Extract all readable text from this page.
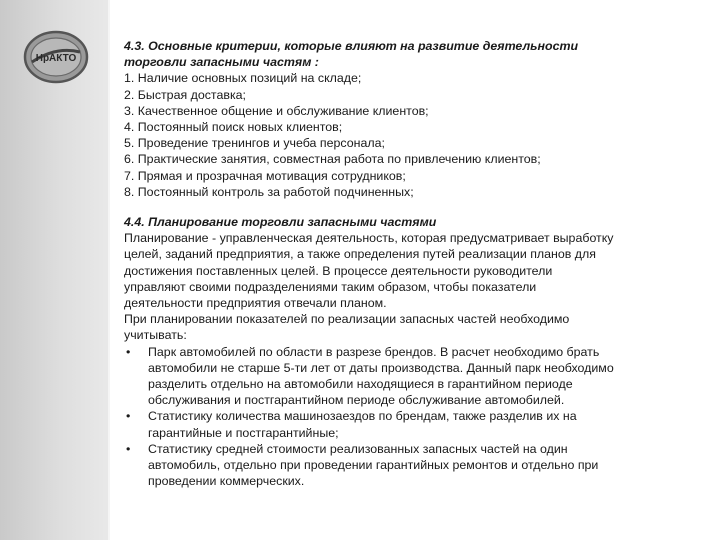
НрАКТО

4.3. Основные критерии, которые влияют на развитие деятельности

торговли запасными частям :

1. Наличие основных позиций на складе;

2. Быстрая доставка;

3. Качественное общение и обслуживание клиентов;

4. Постоянный поиск новых клиентов;

5. Проведение тренингов и учеба персонала;

6. Практические занятия, совместная работа по привлечению клиентов;

7. Прямая и прозрачная мотивация сотрудников;

8. Постоянный контроль за работой подчиненных;

4.4. Планирование торговли запасными частями

Планирование - управленческая деятельность, которая предусматривает выработку

целей, заданий предприятия, а также определения путей реализации планов для

достижения поставленных целей. В процессе деятельности руководители

управляют своими подразделениями таким образом, чтобы показатели

деятельности предприятия отвечали планом.

При планировании показателей по реализации запасных частей необходимо

учитывать:

•	Парк автомобилей по области в разрезе брендов. В расчет необходимо брать

автомобили не старше 5-ти лет от даты производства. Данный парк необходимо

разделить отдельно на автомобили находящиеся в гарантийном периоде

обслуживания и постгарантийном периоде обслуживание автомобилей.

•	Статистику количества машинозаездов по брендам, также разделив их на

гарантийные и постгарантийные;

•	Статистику средней стоимости реализованных запасных частей на один

автомобиль, отдельно при проведении гарантийных ремонтов и отдельно при

проведении коммерческих.
